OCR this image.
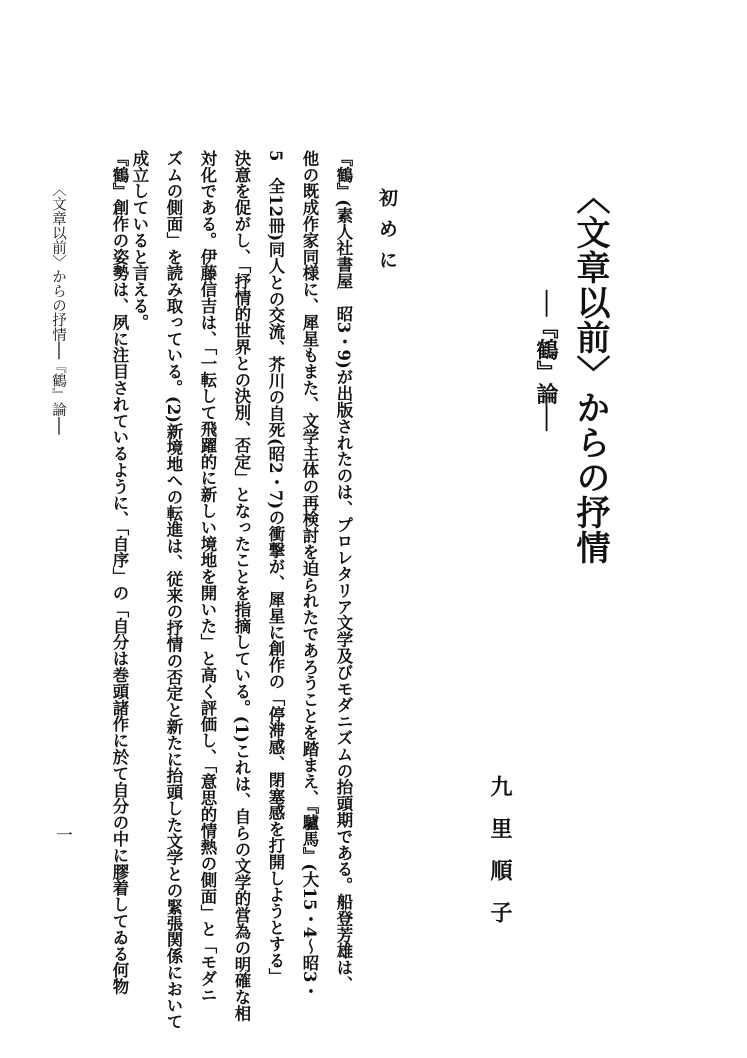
〈文章以前〉からの抒情
──『鶴』論──
九里順子
初めに

『鶴』(素人社書屋　昭3・9)が出版されたのは、プロレタリア文学及びモダニズムの抬頭期である。船登芳雄は、

他の既成作家同様に、犀星もまた、文学主体の再検討を迫られたであろうことを踏まえ、『驢馬』(大15・4〜昭3・

5　全12冊)同人との交流、芥川の自死(昭2・7)の衝撃が、犀星に創作の「停滞感、閉塞感を打開しようとする」

決意を促がし、「抒情的世界との決別、否定」となったことを指摘している。(1)これは、自らの文学的営為の明確な相

対化である。伊藤信吉は、「一転して飛躍的に新しい境地を開いた」と高く評価し、「意思的情熱の側面」と「モダニ

ズムの側面」を読み取っている。(2)新境地への転進は、従来の抒情の否定と新たに抬頭した文学との緊張関係において

成立していると言える。

『鶴』創作の姿勢は、夙に注目されているように、「自序」の「自分は巻頭諸作に於て自分の中に膠着してゐる何物

〈文章以前〉からの抒情──『鶴』論──
一
